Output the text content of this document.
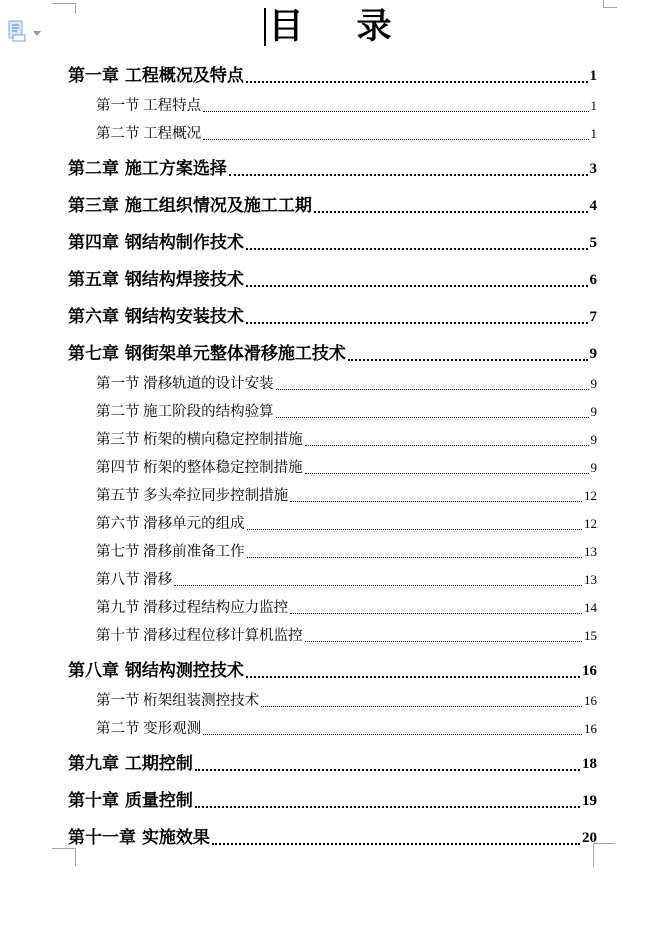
目　录
第一章 工程概况及特点	1
第一节 工程特点	1
第二节 工程概况	1
第二章 施工方案选择	3
第三章 施工组织情况及施工工期	4
第四章 钢结构制作技术	5
第五章 钢结构焊接技术	6
第六章 钢结构安装技术	7
第七章 钢街架单元整体滑移施工技术	9
第一节 滑移轨道的设计安装	9
第二节 施工阶段的结构验算	9
第三节 桁架的横向稳定控制措施	9
第四节 桁架的整体稳定控制措施	9
第五节 多头牵拉同步控制措施	12
第六节 滑移单元的组成	12
第七节 滑移前准备工作	13
第八节 滑移	13
第九节 滑移过程结构应力监控	14
第十节 滑移过程位移计算机监控	15
第八章 钢结构测控技术	16
第一节 桁架组装测控技术	16
第二节 变形观测	16
第九章 工期控制	18
第十章 质量控制	19
第十一章 实施效果	20
